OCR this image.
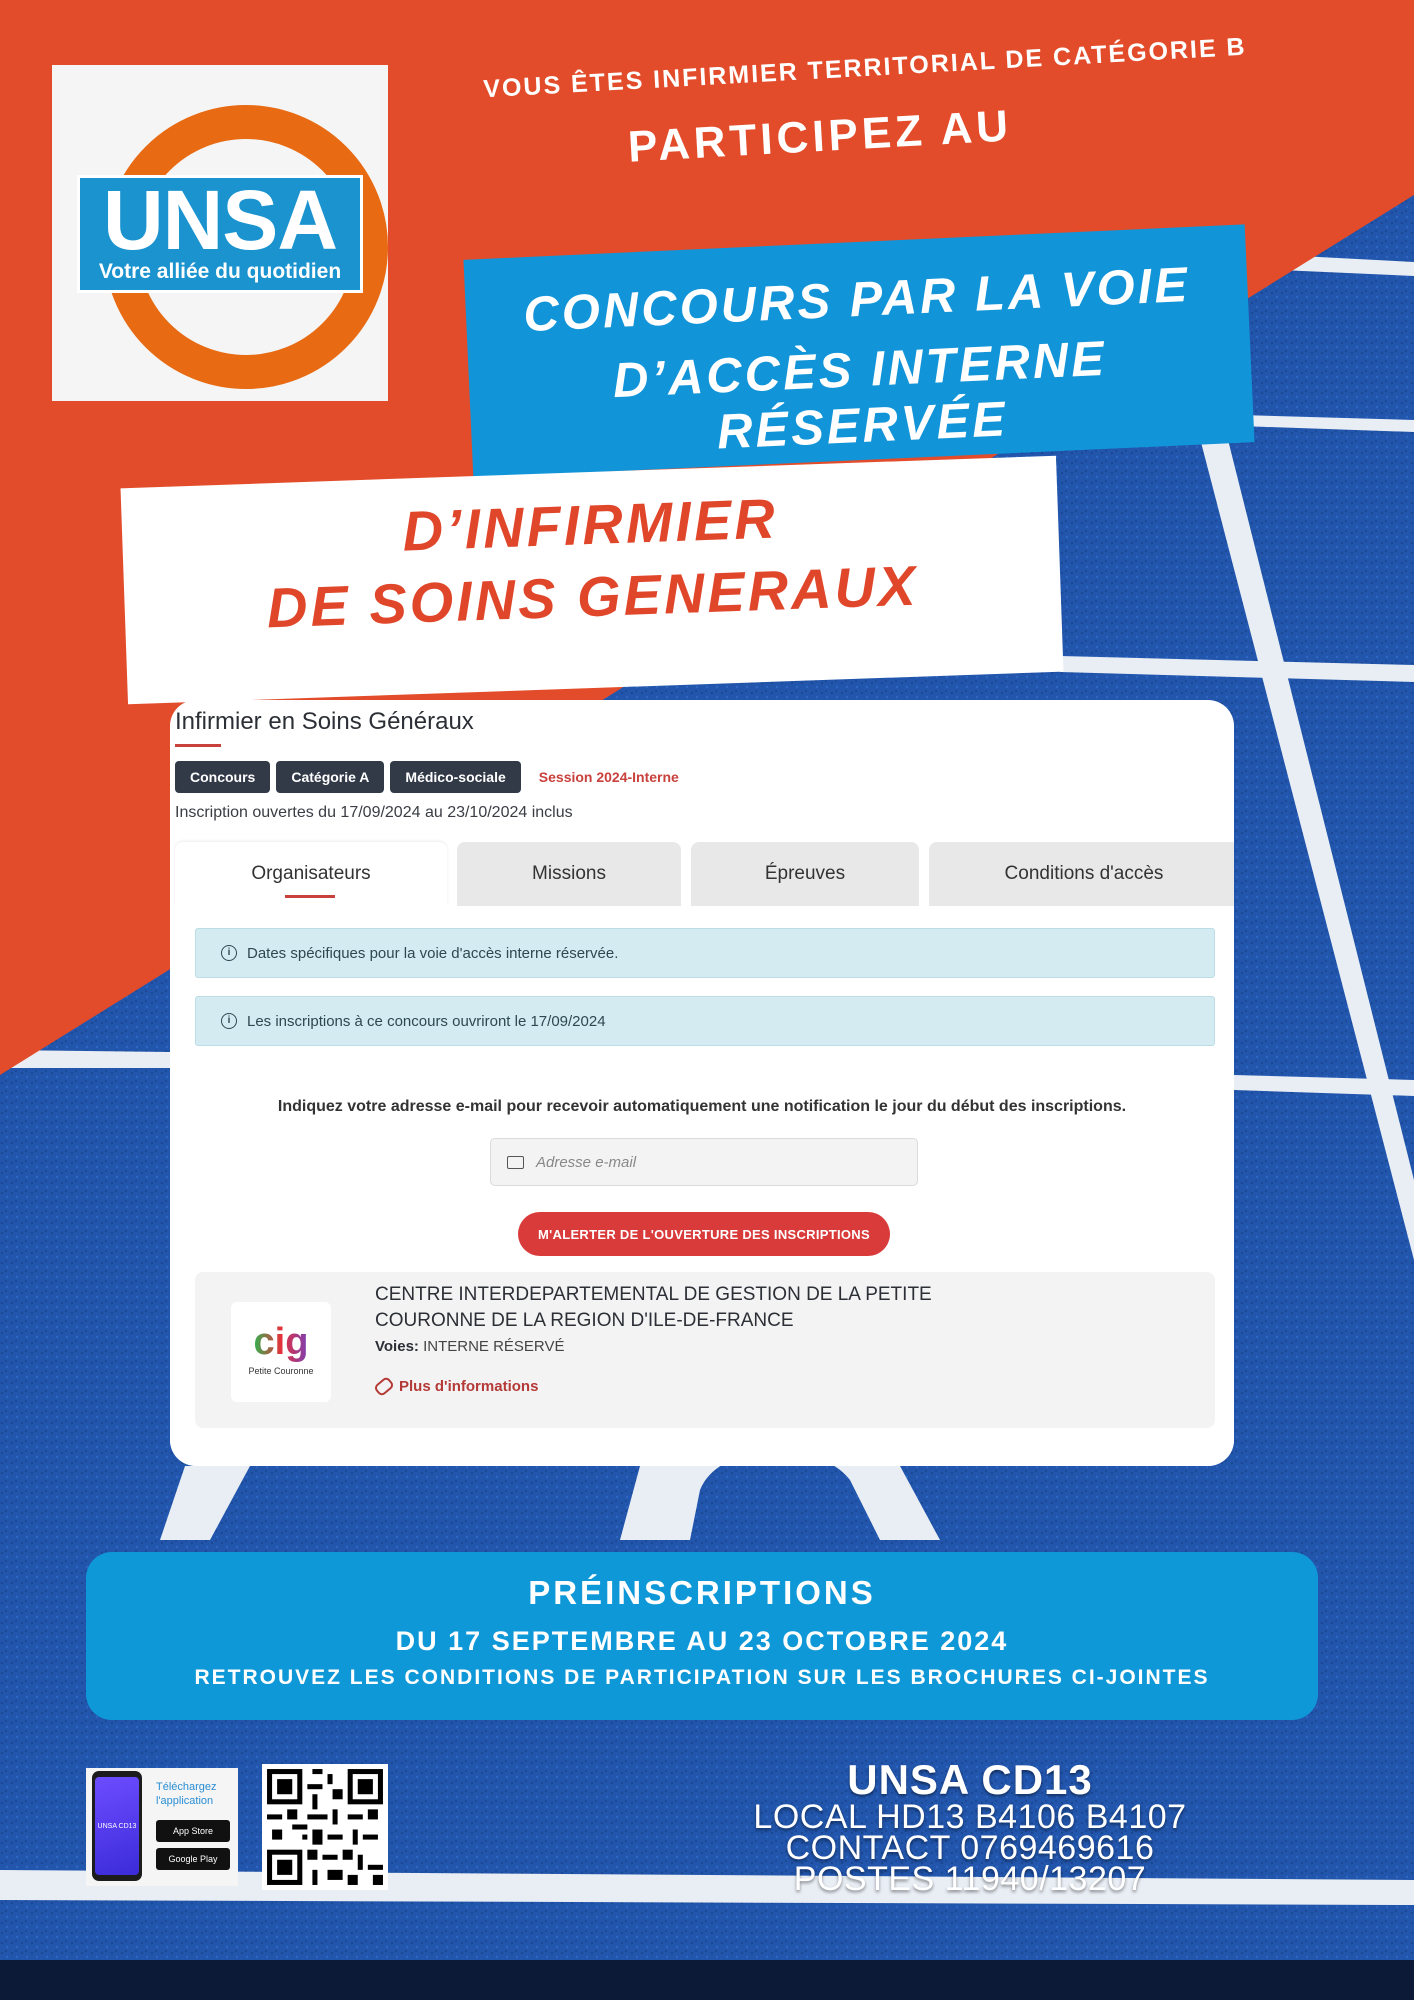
UNSA
Votre alliée du quotidien
VOUS ÊTES INFIRMIER TERRITORIAL DE CATÉGORIE B
PARTICIPEZ AU
CONCOURS PAR LA VOIE
D’ACCÈS INTERNE RÉSERVÉE
D’INFIRMIER
DE SOINS GENERAUX
Infirmier en Soins Généraux
Concours	Catégorie A	Médico-sociale	Session 2024-Interne
Inscription ouvertes du 17/09/2024 au 23/10/2024 inclus
Organisateurs	Missions	Épreuves	Conditions d'accès
i	Dates spécifiques pour la voie d'accès interne réservée.
i	Les inscriptions à ce concours ouvriront le 17/09/2024
Indiquez votre adresse e-mail pour recevoir automatiquement une notification le jour du début des inscriptions.
Adresse e-mail
M'ALERTER DE L'OUVERTURE DES INSCRIPTIONS
cig
Petite Couronne
CENTRE INTERDEPARTEMENTAL DE GESTION DE LA PETITE COURONNE DE LA REGION D'ILE-DE-FRANCE
Voies: INTERNE RÉSERVÉ
Plus d'informations
PRÉINSCRIPTIONS
DU 17 SEPTEMBRE AU 23 OCTOBRE 2024
RETROUVEZ LES CONDITIONS DE PARTICIPATION SUR LES BROCHURES CI-JOINTES
UNSA CD13
Téléchargez l'application
App Store
Google Play
UNSA CD13
LOCAL HD13 B4106 B4107
CONTACT 0769469616
POSTES 11940/13207
